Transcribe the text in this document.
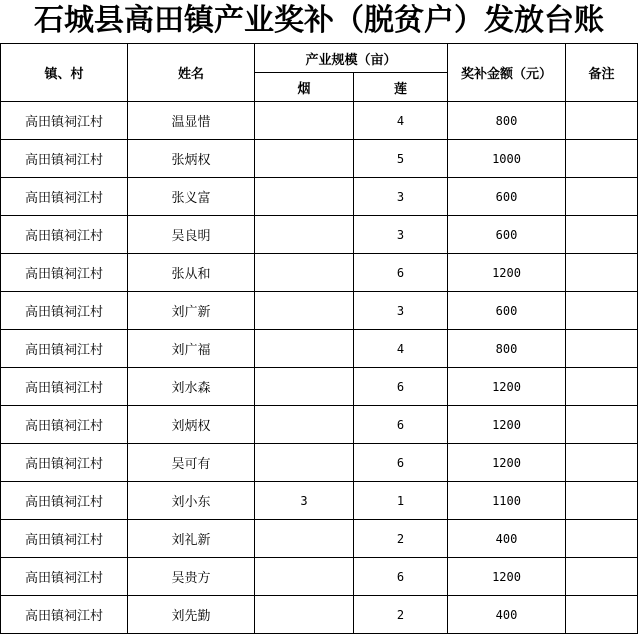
石城县高田镇产业奖补（脱贫户）发放台账
镇、村	姓名	产业规模（亩）		奖补金额（元）	备注
		烟	莲		
高田镇祠江村	温显惜		4	800	
高田镇祠江村	张炳权		5	1000	
高田镇祠江村	张义富		3	600	
高田镇祠江村	吴良明		3	600	
高田镇祠江村	张从和		6	1200	
高田镇祠江村	刘广新		3	600	
高田镇祠江村	刘广福		4	800	
高田镇祠江村	刘水森		6	1200	
高田镇祠江村	刘炳权		6	1200	
高田镇祠江村	吴可有		6	1200	
高田镇祠江村	刘小东	3	1	1100	
高田镇祠江村	刘礼新		2	400	
高田镇祠江村	吴贵方		6	1200	
高田镇祠江村	刘先勤		2	400	
